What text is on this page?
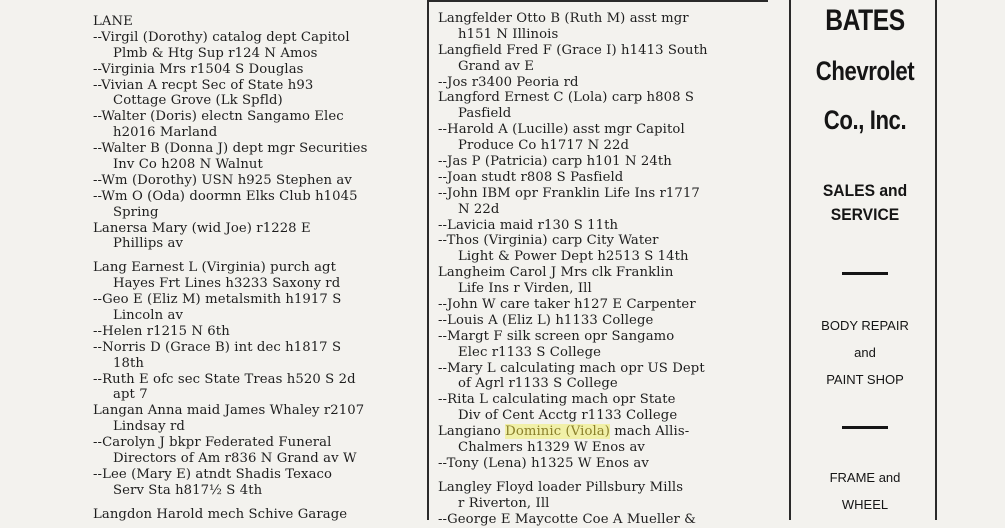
LANE
--Virgil (Dorothy) catalog dept Capitol
Plmb & Htg Sup r124 N Amos
--Virginia Mrs r1504 S Douglas
--Vivian A recpt Sec of State h93
Cottage Grove (Lk Spfld)
--Walter (Doris) electn Sangamo Elec
h2016 Marland
--Walter B (Donna J) dept mgr Securities
Inv Co h208 N Walnut
--Wm (Dorothy) USN h925 Stephen av
--Wm O (Oda) doormn Elks Club h1045
Spring
Lanersa Mary (wid Joe) r1228 E
Phillips av
Lang Earnest L (Virginia) purch agt
Hayes Frt Lines h3233 Saxony rd
--Geo E (Eliz M) metalsmith h1917 S
Lincoln av
--Helen r1215 N 6th
--Norris D (Grace B) int dec h1817 S
18th
--Ruth E ofc sec State Treas h520 S 2d
apt 7
Langan Anna maid James Whaley r2107
Lindsay rd
--Carolyn J bkpr Federated Funeral
Directors of Am r836 N Grand av W
--Lee (Mary E) atndt Shadis Texaco
Serv Sta h817½ S 4th
Langdon Harold mech Schive Garage
Langfelder Otto B (Ruth M) asst mgr
h151 N Illinois
Langfield Fred F (Grace I) h1413 South
Grand av E
--Jos r3400 Peoria rd
Langford Ernest C (Lola) carp h808 S
Pasfield
--Harold A (Lucille) asst mgr Capitol
Produce Co h1717 N 22d
--Jas P (Patricia) carp h101 N 24th
--Joan studt r808 S Pasfield
--John IBM opr Franklin Life Ins r1717
N 22d
--Lavicia maid r130 S 11th
--Thos (Virginia) carp City Water
Light & Power Dept h2513 S 14th
Langheim Carol J Mrs clk Franklin
Life Ins r Virden, Ill
--John W care taker h127 E Carpenter
--Louis A (Eliz L) h1133 College
--Margt F silk screen opr Sangamo
Elec r1133 S College
--Mary L calculating mach opr US Dept
of Agrl r1133 S College
--Rita L calculating mach opr State
Div of Cent Acctg r1133 College
Langiano Dominic (Viola) mach Allis-
Chalmers h1329 W Enos av
--Tony (Lena) h1325 W Enos av
Langley Floyd loader Pillsbury Mills
r Riverton, Ill
--George E Maycotte Coe A Mueller &
BATES
Chevrolet
Co., Inc.
SALES and
SERVICE
BODY REPAIR
and
PAINT SHOP
FRAME and
WHEEL
